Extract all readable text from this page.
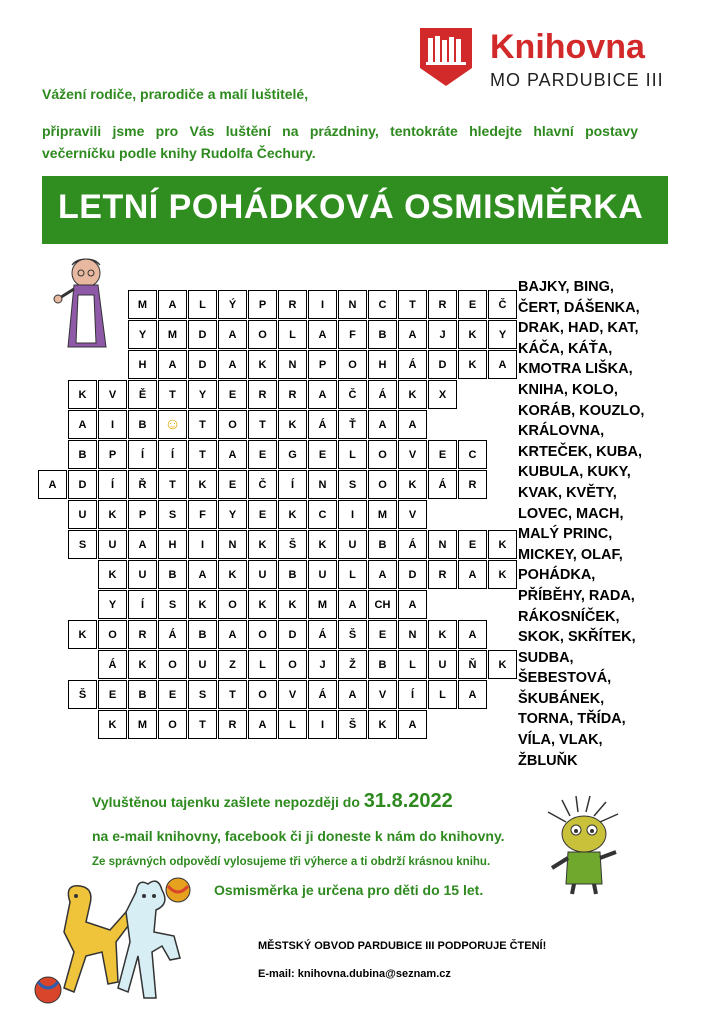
Knihovna
MO PARDUBICE III
Vážení rodiče, prarodiče a malí luštitelé,
připravili jsme pro Vás luštění na prázdniny, tentokráte hledejte hlavní postavy večerníčku podle knihy Rudolfa Čechury.
LETNÍ POHÁDKOVÁ OSMISMĚRKA
M	A	L	Ý	P	R	I	N	C	T	R	E	Č
Y	M	D	A	O	L	A	F	B	A	J	K	Y
H	A	D	A	K	N	P	O	H	Á	D	K	A
K	V	Ě	T	Y	E	R	R	A	Č	Á	K	X
A	I	B	☺	T	O	T	K	Á	Ť	A	A
B	P	Í	Í	T	A	E	G	E	L	O	V	E	C
A	D	Í	Ř	T	K	E	Č	Í	N	S	O	K	Á	R
U	K	P	S	F	Y	E	K	C	I	M	V
S	U	A	H	I	N	K	Š	K	U	B	Á	N	E	K
K	U	B	A	K	U	B	U	L	A	D	R	A	K
Y	Í	S	K	O	K	K	M	A	CH	A
K	O	R	Á	B	A	O	D	Á	Š	E	N	K	A
Á	K	O	U	Z	L	O	J	Ž	B	L	U	Ň	K
Š	E	B	E	S	T	O	V	Á	A	V	Í	L	A
K	M	O	T	R	A	L	I	Š	K	A
BAJKY, BING,
ČERT, DÁŠENKA,
DRAK, HAD, KAT,
KÁČA, KÁŤA,
KMOTRA LIŠKA,
KNIHA, KOLO,
KORÁB, KOUZLO,
KRÁLOVNA,
KRTEČEK, KUBA,
KUBULA, KUKY,
KVAK, KVĚTY,
LOVEC, MACH,
MALÝ PRINC,
MICKEY, OLAF,
POHÁDKA,
PŘÍBĚHY, RADA,
RÁKOSNÍČEK,
SKOK, SKŘÍTEK,
SUDBA,
ŠEBESTOVÁ,
ŠKUBÁNEK,
TORNA, TŘÍDA,
VÍLA, VLAK,
ŽBLUŇK
Vyluštěnou tajenku zašlete nepozději do 31.8.2022
na e-mail knihovny, facebook či ji doneste k nám do knihovny.
Ze správných odpovědí vylosujeme tři výherce a ti obdrží krásnou knihu.
Osmisměrka je určena pro děti do 15 let.
MĚSTSKÝ OBVOD PARDUBICE III PODPORUJE ČTENÍ!
E-mail: knihovna.dubina@seznam.cz
